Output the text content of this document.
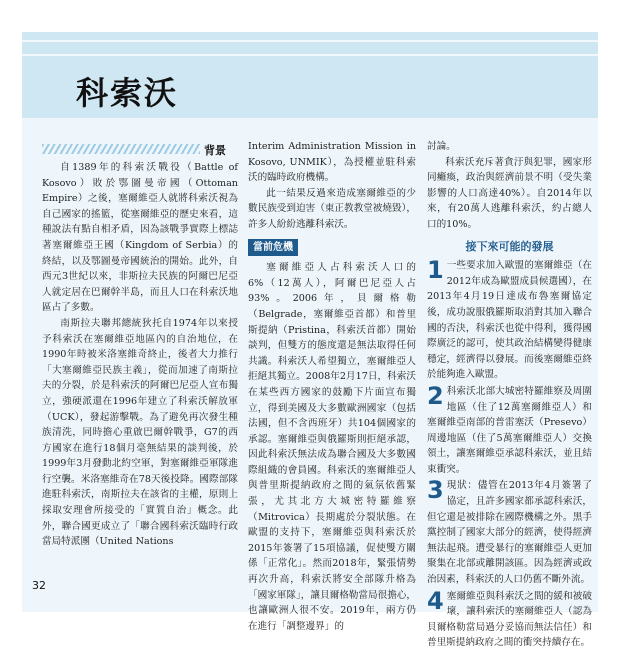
科索沃
背景

自1389年的科索沃戰役（Battle of Kosovo）敗於鄂圖曼帝國（Ottoman Empire）之後，塞爾維亞人就將科索沃視為自己國家的搖籃，從塞爾維亞的歷史來看，這種說法有點自相矛盾，因為該戰爭實際上標誌著塞爾維亞王國（Kingdom of Serbia）的終結，以及鄂圖曼帝國統治的開始。此外，自西元3世紀以來，非斯拉夫民族的阿爾巴尼亞人就定居在巴爾幹半島，而且人口在科索沃地區占了多數。

南斯拉夫聯邦總統狄托自1974年以來授予科索沃在塞爾維亞地區內的自治地位，在1990年時被米洛塞維奇終止，後者大力推行「大塞爾維亞民族主義」，從而加速了南斯拉夫的分裂，於是科索沃的阿爾巴尼亞人宣布獨立，強硬派還在1996年建立了科索沃解放軍（UCK），發起游擊戰。為了避免再次發生種族清洗，同時擔心重啟巴爾幹戰爭，G7的西方國家在進行18個月毫無結果的談判後，於1999年3月發動北約空軍，對塞爾維亞軍隊進行空襲。米洛塞維奇在78天後投降。國際部隊進駐科索沃，南斯拉夫在該省的主權，原則上採取安理會所接受的「實質自治」概念。此外，聯合國更成立了「聯合國科索沃臨時行政當局特派團（United Nations

Interim Administration Mission in Kosovo, UNMIK），為授權並駐科索沃的臨時政府機構。

此一結果反過來造成塞爾維亞的少數民族受到迫害（東正教教堂被燒毀），許多人紛紛逃離科索沃。

當前危機

塞爾維亞人占科索沃人口的6%（12萬人），阿爾巴尼亞人占93%。2006年，貝爾格勒（Belgrade，塞爾維亞首都）和普里斯提納（Pristina，科索沃首都）開始談判，但雙方的態度還是無法取得任何共識。科索沃人希望獨立，塞爾維亞人拒絕其獨立。2008年2月17日，科索沃在某些西方國家的鼓勵下片面宣布獨立，得到美國及大多數歐洲國家（包括法國，但不含西班牙）共104個國家的承認。塞爾維亞與俄羅斯則拒絕承認，因此科索沃無法成為聯合國及大多數國際組織的會員國。科索沃的塞爾維亞人與普里斯提納政府之間的氣氛依舊緊張，尤其北方大城密特羅維察（Mitrovica）長期處於分裂狀態。在歐盟的支持下，塞爾維亞與科索沃於2015年簽署了15項協議，促使雙方關係「正常化」。然而2018年，緊張情勢再次升高，科索沃將安全部隊升格為「國家軍隊」，讓貝爾格勒當局很擔心，也讓歐洲人很不安。2019年，兩方仍在進行「調整邊界」的

討論。

科索沃充斥著貪汙與犯罪，國家形同癱瘓，政治與經濟前景不明（受失業影響的人口高達40%）。自2014年以來，有20萬人逃離科索沃，約占總人口的10%。

接下來可能的發展
1 一些要求加入歐盟的塞爾維亞（在2012年成為歐盟成員候選國），在2013年4月19日達成布魯塞爾協定後，成功說服俄羅斯取消對其加入聯合國的否決，科索沃也從中得利，獲得國際廣泛的認可，使其政治結構變得健康穩定，經濟得以發展。而後塞爾維亞終於能夠進入歐盟。
2 科索沃北部大城密特羅維察及周圍地區（住了12萬塞爾維亞人）和塞爾維亞南部的普雷塞沃（Presevo）周邊地區（住了5萬塞爾維亞人）交換領土，讓塞爾維亞承認科索沃，並且結束衝突。
3 現狀：儘管在2013年4月簽署了協定，且許多國家都承認科索沃，但它還是被排除在國際機構之外。黑手黨控制了國家大部分的經濟，使得經濟無法起飛。遭受暴行的塞爾維亞人更加聚集在北部或離開該區。因為經濟或政治因素，科索沃的人口仍舊不斷外流。
4 塞爾維亞與科索沃之間的緩和被破壞，讓科索沃的塞爾維亞人（認為貝爾格勒當局過分妥協而無法信任）和普里斯提納政府之間的衝突持續存在。
32
